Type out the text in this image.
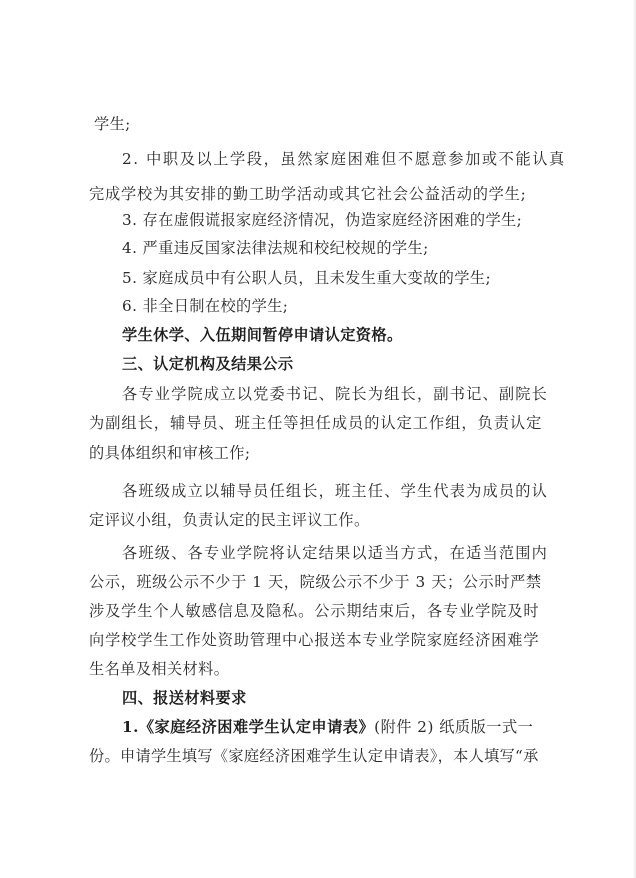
学生;
2. 中职及以上学段，虽然家庭困难但不愿意参加或不能认真
完成学校为其安排的勤工助学活动或其它社会公益活动的学生;
3. 存在虚假谎报家庭经济情况，伪造家庭经济困难的学生;
4. 严重违反国家法律法规和校纪校规的学生;
5. 家庭成员中有公职人员，且未发生重大变故的学生;
6. 非全日制在校的学生;
学生休学、入伍期间暂停申请认定资格。
三、认定机构及结果公示
各专业学院成立以党委书记、院长为组长，副书记、副院长
为副组长，辅导员、班主任等担任成员的认定工作组，负责认定
的具体组织和审核工作;
各班级成立以辅导员任组长，班主任、学生代表为成员的认
定评议小组，负责认定的民主评议工作。
各班级、各专业学院将认定结果以适当方式，在适当范围内
公示，班级公示不少于 1 天，院级公示不少于 3 天；公示时严禁
涉及学生个人敏感信息及隐私。公示期结束后，各专业学院及时
向学校学生工作处资助管理中心报送本专业学院家庭经济困难学
生名单及相关材料。
四、报送材料要求
1.《家庭经济困难学生认定申请表》(附件 2) 纸质版一式一
份。申请学生填写《家庭经济困难学生认定申请表》，本人填写“承
